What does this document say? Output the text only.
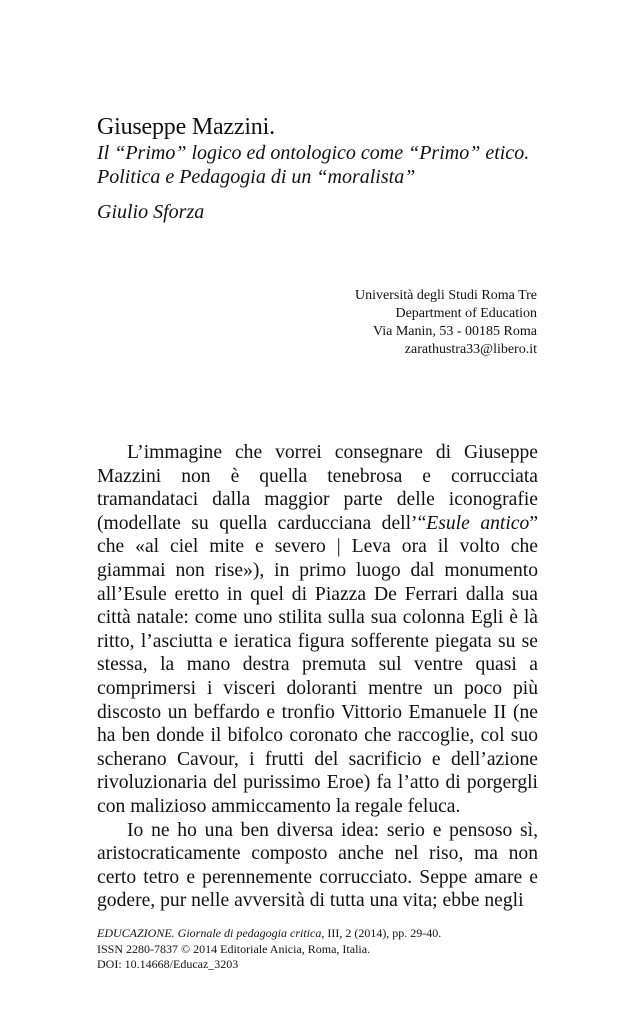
Giuseppe Mazzini.
Il “Primo” logico ed ontologico come “Primo” etico.
Politica e Pedagogia di un “moralista”
Giulio Sforza
Università degli Studi Roma Tre
Department of Education
Via Manin, 53 - 00185 Roma
zarathustra33@libero.it

L’immagine che vorrei consegnare di Giuseppe Mazzini non è quella tenebrosa e corrucciata tramandataci dalla maggior parte delle iconografie (modellate su quella carducciana dell’“Esule antico” che «al ciel mite e severo | Leva ora il volto che giammai non rise»), in primo luogo dal monumento all’Esule eretto in quel di Piazza De Ferrari dalla sua città natale: come uno stilita sulla sua colonna Egli è là ritto, l’asciutta e ieratica figura sofferente piegata su se stessa, la mano destra premuta sul ventre quasi a comprimersi i visceri doloranti mentre un poco più discosto un beffardo e tronfio Vittorio Emanuele II (ne ha ben donde il bifolco coronato che raccoglie, col suo scherano Cavour, i frutti del sacrificio e dell’azione rivoluzionaria del purissimo Eroe) fa l’atto di porgergli con malizioso ammiccamento la regale feluca.

Io ne ho una ben diversa idea: serio e pensoso sì, aristocraticamente composto anche nel riso, ma non certo tetro e perennemente corrucciato. Seppe amare e godere, pur nelle avversità di tutta una vita; ebbe negli

EDUCAZIONE. Giornale di pedagogia critica, III, 2 (2014), pp. 29-40.
ISSN 2280-7837 © 2014 Editoriale Anicia, Roma, Italia.
DOI: 10.14668/Educaz_3203
